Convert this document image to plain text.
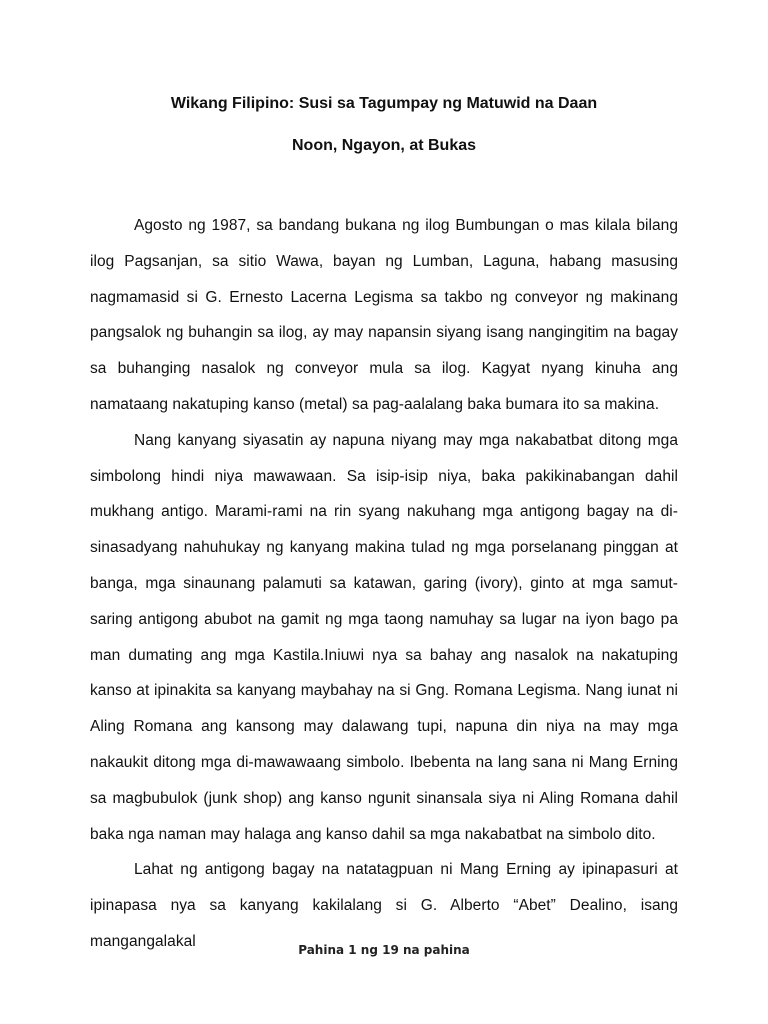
Wikang Filipino: Susi sa Tagumpay ng Matuwid na Daan
Noon, Ngayon, at Bukas

Agosto ng 1987, sa bandang bukana ng ilog Bumbungan o mas kilala bilang ilog Pagsanjan, sa sitio Wawa, bayan ng Lumban, Laguna, habang masusing nagmamasid si G. Ernesto Lacerna Legisma sa takbo ng conveyor ng makinang pangsalok ng buhangin sa ilog, ay may napansin siyang isang nangingitim na bagay sa buhanging nasalok ng conveyor mula sa ilog. Kagyat nyang kinuha ang namataang nakatuping kanso (metal) sa pag-aalalang baka bumara ito sa makina.

Nang kanyang siyasatin ay napuna niyang may mga nakabatbat ditong mga simbolong hindi niya mawawaan. Sa isip-isip niya, baka pakikinabangan dahil mukhang antigo. Marami-rami na rin syang nakuhang mga antigong bagay na di-sinasadyang nahuhukay ng kanyang makina tulad ng mga porselanang pinggan at banga, mga sinaunang palamuti sa katawan, garing (ivory), ginto at mga samut-saring antigong abubot na gamit ng mga taong namuhay sa lugar na iyon bago pa man dumating ang mga Kastila.Iniuwi nya sa bahay ang nasalok na nakatuping kanso at ipinakita sa kanyang maybahay na si Gng. Romana Legisma. Nang iunat ni Aling Romana ang kansong may dalawang tupi, napuna din niya na may mga nakaukit ditong mga di-mawawaang simbolo. Ibebenta na lang sana ni Mang Erning sa magbubulok (junk shop) ang kanso ngunit sinansala siya ni Aling Romana dahil baka nga naman may halaga ang kanso dahil sa mga nakabatbat na simbolo dito.

Lahat ng antigong bagay na natatagpuan ni Mang Erning ay ipinapasuri at ipinapasa nya sa kanyang kakilalang si G. Alberto “Abet” Dealino, isang mangangalakal

Pahina 1 ng 19 na pahina
